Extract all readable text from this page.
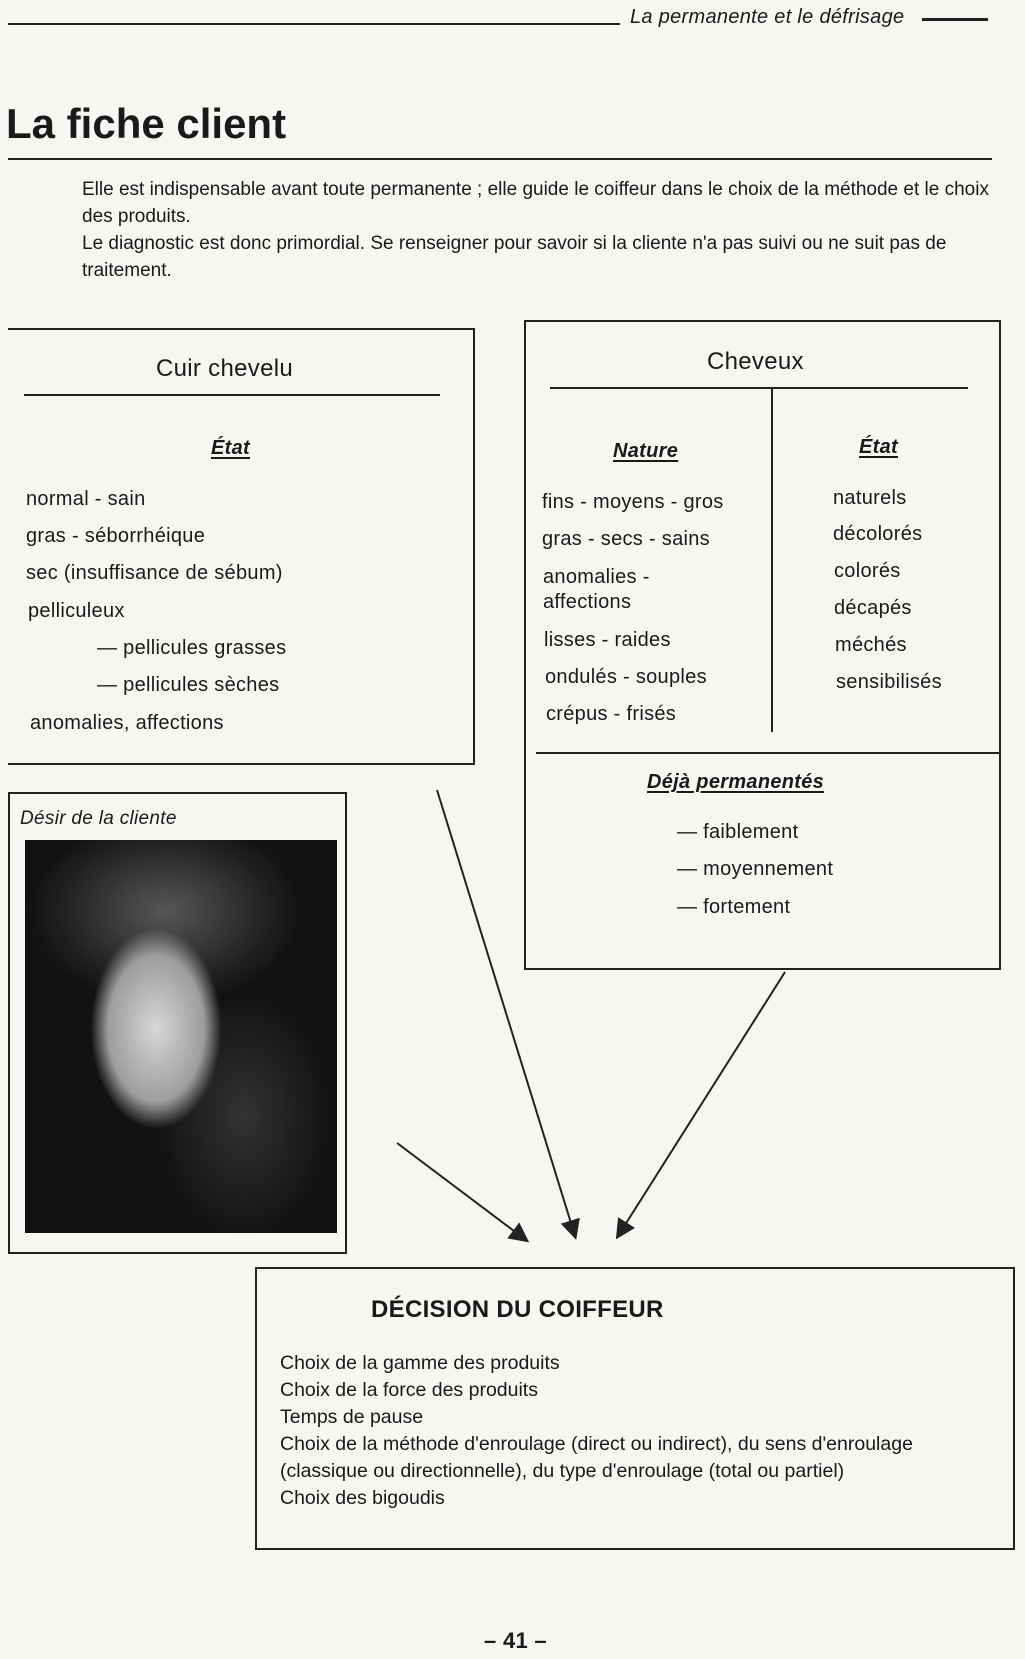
La permanente et le défrisage
La fiche client

Elle est indispensable avant toute permanente ; elle guide le coiffeur dans le choix de la méthode et le choix des produits.

Le diagnostic est donc primordial. Se renseigner pour savoir si la cliente n'a pas suivi ou ne suit pas de traitement.

Cuir chevelu
État
normal - sain
gras - séborrhéique
sec (insuffisance de sébum)
pelliculeux
— pellicules grasses
— pellicules sèches
anomalies, affections
Cheveux
Nature
fins - moyens - gros
gras - secs - sains
anomalies -
affections
lisses - raides
ondulés - souples
crépus - frisés
État
naturels
décolorés
colorés
décapés
méchés
sensibilisés
Déjà permanentés
— faiblement
— moyennement
— fortement
Désir de la cliente
DÉCISION DU COIFFEUR
Choix de la gamme des produits
Choix de la force des produits
Temps de pause
Choix de la méthode d'enroulage (direct ou indirect), du sens d'enroulage (classique ou directionnelle), du type d'enroulage (total ou partiel)
Choix des bigoudis
– 41 –
